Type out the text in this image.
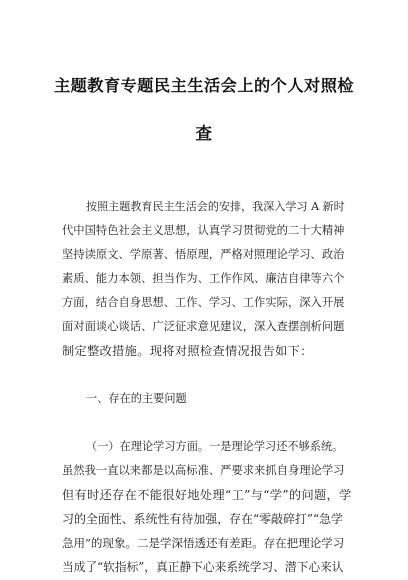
主题教育专题民主生活会上的个人对照检
查
按照主题教育民主生活会的安排，我深入学习 A 新时
代中国特色社会主义思想，认真学习贯彻党的二十大精神
坚持读原文、学原著、悟原理，严格对照理论学习、政治
素质、能力本领、担当作为、工作作风、廉洁自律等六个
方面，结合自身思想、工作、学习、工作实际，深入开展
面对面谈心谈话、广泛征求意见建议，深入查摆剖析问题
制定整改措施。现将对照检查情况报告如下：
一、存在的主要问题
（一）在理论学习方面。一是理论学习还不够系统。
虽然我一直以来都是以高标准、严要求来抓自身理论学习
但有时还存在不能很好地处理“工”与“学”的问题，学
习的全面性、系统性有待加强，存在“零敲碎打”“急学
急用”的现象。二是学深悟透还有差距。存在把理论学习
当成了“软指标”，真正静下心来系统学习、潜下心来认
